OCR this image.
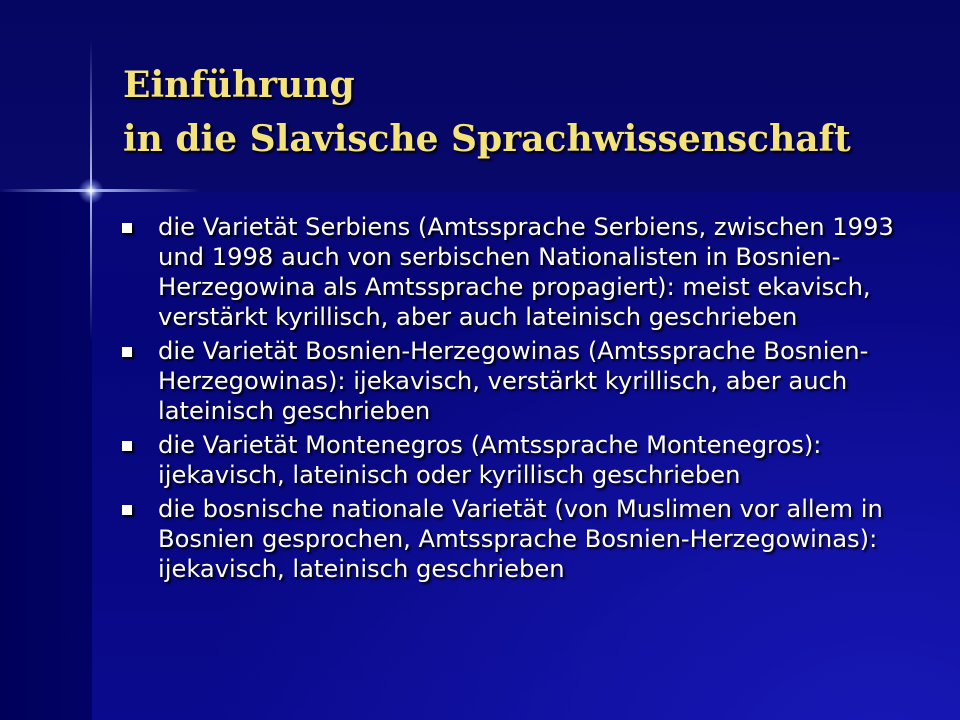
Einführung
in die Slavische Sprachwissenschaft
die Varietät Serbiens (Amtssprache Serbiens, zwischen 1993 und 1998 auch von serbischen Nationalisten in Bosnien-Herzegowina als Amtssprache propagiert): meist ekavisch, verstärkt kyrillisch, aber auch lateinisch geschrieben
die Varietät Bosnien-Herzegowinas (Amtssprache Bosnien-Herzegowinas): ijekavisch, verstärkt kyrillisch, aber auch lateinisch geschrieben
die Varietät Montenegros (Amtssprache Montenegros): ijekavisch, lateinisch oder kyrillisch geschrieben
die bosnische nationale Varietät (von Muslimen vor allem in Bosnien gesprochen, Amtssprache Bosnien-Herzegowinas): ijekavisch, lateinisch geschrieben
